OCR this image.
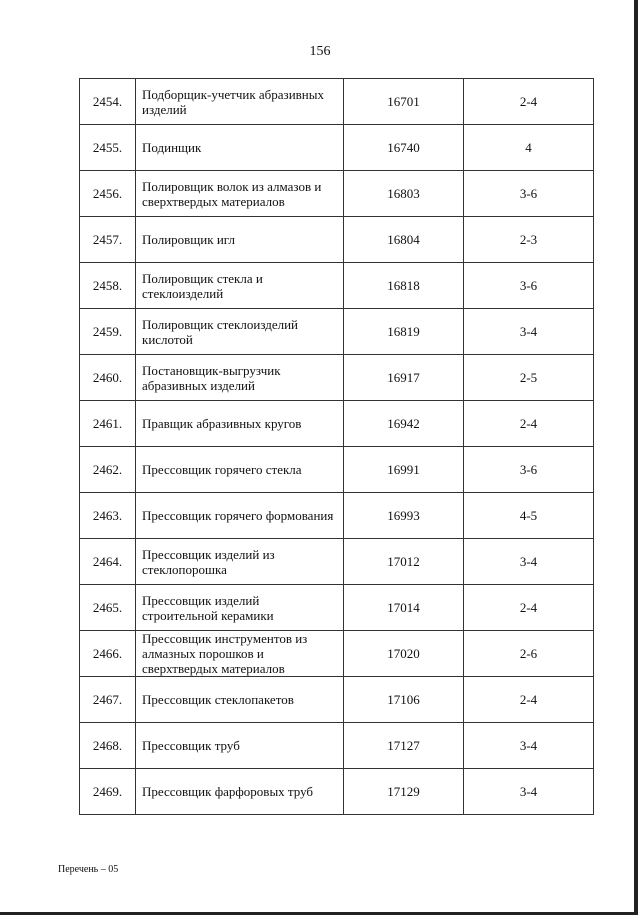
156
2454.	Подборщик-учетчик абразивных изделий	16701	2-4
2455.	Подинщик	16740	4
2456.	Полировщик волок из алмазов и сверхтвердых материалов	16803	3-6
2457.	Полировщик игл	16804	2-3
2458.	Полировщик стекла и стеклоизделий	16818	3-6
2459.	Полировщик стеклоизделий кислотой	16819	3-4
2460.	Постановщик-выгрузчик абразивных изделий	16917	2-5
2461.	Правщик абразивных кругов	16942	2-4
2462.	Прессовщик горячего стекла	16991	3-6
2463.	Прессовщик горячего формования	16993	4-5
2464.	Прессовщик изделий из стеклопорошка	17012	3-4
2465.	Прессовщик изделий строительной керамики	17014	2-4
2466.	Прессовщик инструментов из алмазных порошков и сверхтвердых материалов	17020	2-6
2467.	Прессовщик стеклопакетов	17106	2-4
2468.	Прессовщик труб	17127	3-4
2469.	Прессовщик фарфоровых труб	17129	3-4
Перечень – 05
